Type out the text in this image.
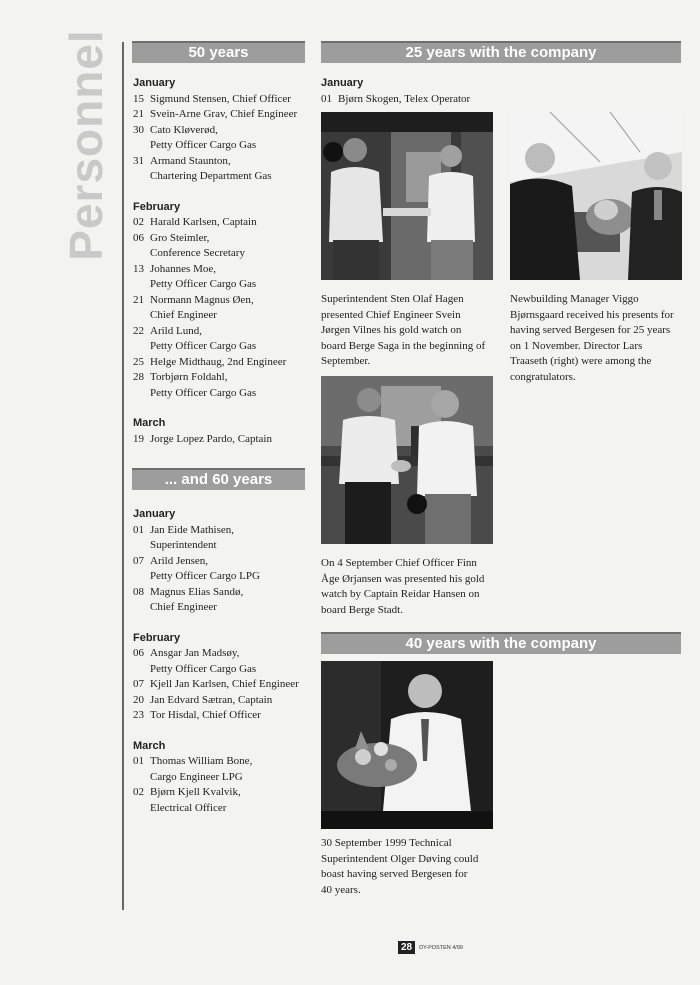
Personnel	50 years
January
15 Sigmund Stensen, Chief Officer
21 Svein-Arne Grav, Chief Engineer
30 Cato Kløverød,
Petty Officer Cargo Gas
31 Armand Staunton,
Chartering Department Gas
February
02 Harald Karlsen, Captain
06 Gro Steimler,
Conference Secretary
13 Johannes Moe,
Petty Officer Cargo Gas
21 Normann Magnus Øen,
Chief Engineer
22 Arild Lund,
Petty Officer Cargo Gas
25 Helge Midthaug, 2nd Engineer
28 Torbjørn Foldahl,
Petty Officer Cargo Gas
March
19 Jorge Lopez Pardo, Captain
... and 60 years
January
01 Jan Eide Mathisen,
Superintendent
07 Arild Jensen,
Petty Officer Cargo LPG
08 Magnus Elias Sandø,
Chief Engineer
February
06 Ansgar Jan Madsøy,
Petty Officer Cargo Gas
07 Kjell Jan Karlsen, Chief Engineer
20 Jan Edvard Sætran, Captain
23 Tor Hisdal, Chief Officer
March
01 Thomas William Bone,
Cargo Engineer LPG
02 Bjørn Kjell Kvalvik,
Electrical Officer
25 years with the company
January
01 Bjørn Skogen, Telex Operator
Superintendent Sten Olaf Hagen
presented Chief Engineer Svein
Jørgen Vilnes his gold watch on
board Berge Saga in the beginning of
September.
Newbuilding Manager Viggo
Bjørnsgaard received his presents for
having served Bergesen for 25 years
on 1 November. Director Lars
Traaseth (right) were among the
congratulators.
On 4 September Chief Officer Finn
Åge Ørjansen was presented his gold
watch by Captain Reidar Hansen on
board Berge Stadt.
40 years with the company
30 September 1999 Technical
Superintendent Olger Døving could
boast having served Bergesen for
40 years.
28	DY-POSTEN 4/99
